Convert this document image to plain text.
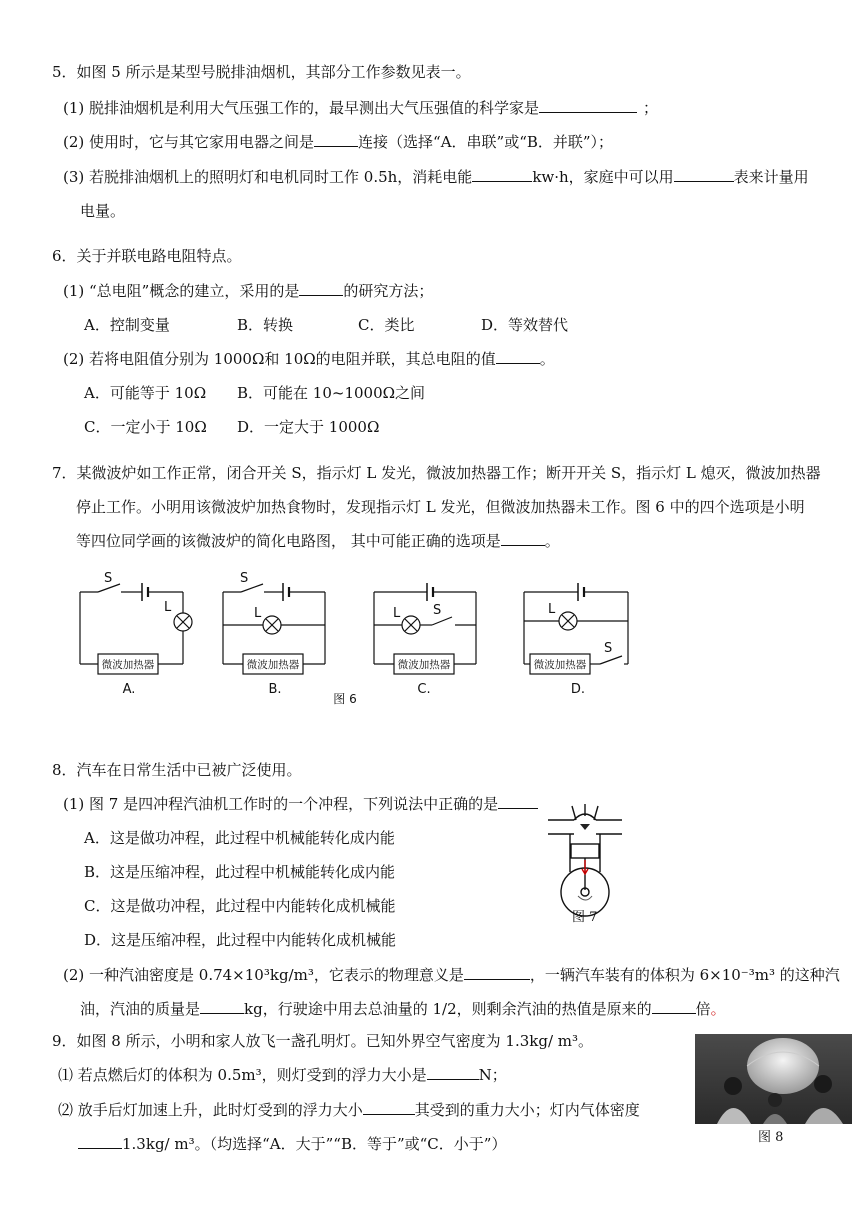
5．如图 5 所示是某型号脱排油烟机，其部分工作参数见表一。
(1) 脱排油烟机是利用大气压强工作的，最早测出大气压强值的科学家是	；
(2) 使用时，它与其它家用电器之间是	连接（选择“A．串联”或“B．并联”）；
(3) 若脱排油烟机上的照明灯和电机同时工作 0.5h，消耗电能	kw·h，家庭中可以用	表来计量用
电量。
6．关于并联电路电阻特点。
(1) “总电阻”概念的建立，采用的是	的研究方法；
A．控制变量	B．转换	C．类比	D．等效替代
(2) 若将电阻值分别为 1000Ω和 10Ω的电阻并联，其总电阻的值	。
A．可能等于 10Ω B．可能在 10~1000Ω之间
C．一定小于 10Ω D．一定大于 1000Ω
7．某微波炉如工作正常，闭合开关 S，指示灯 L 发光，微波加热器工作；断开开关 S，指示灯 L 熄灭，微波加热器
停止工作。小明用该微波炉加热食物时，发现指示灯 L 发光，但微波加热器未工作。图 6 中的四个选项是小明
等四位同学画的该微波炉的简化电路图， 其中可能正确的选项是	。
S
L
S
L	L	S	L
S
微波加热器	微波加热器	微波加热器	微波加热器
A.	B.	C.	D.
图 6
8．汽车在日常生活中已被广泛使用。
(1) 图 7 是四冲程汽油机工作时的一个冲程，下列说法中正确的是
A．这是做功冲程，此过程中机械能转化成内能
B．这是压缩冲程，此过程中机械能转化成内能
C．这是做功冲程，此过程中内能转化成机械能
D．这是压缩冲程，此过程中内能转化成机械能
图 7
(2) 一种汽油密度是 0.74×10³kg/m³，它表示的物理意义是	，一辆汽车装有的体积为 6×10⁻³m³ 的这种汽
油，汽油的质量是	kg，行驶途中用去总油量的 1/2，则剩余汽油的热值是原来的	倍。
9．如图 8 所示，小明和家人放飞一盏孔明灯。已知外界空气密度为 1.3kg/ m³。
⑴ 若点燃后灯的体积为 0.5m³，则灯受到的浮力大小是	N；
⑵ 放手后灯加速上升，此时灯受到的浮力大小	其受到的重力大小；灯内气体密度
1.3kg/ m³。（均选择“A．大于”“B．等于”或“C．小于”）	图 8
